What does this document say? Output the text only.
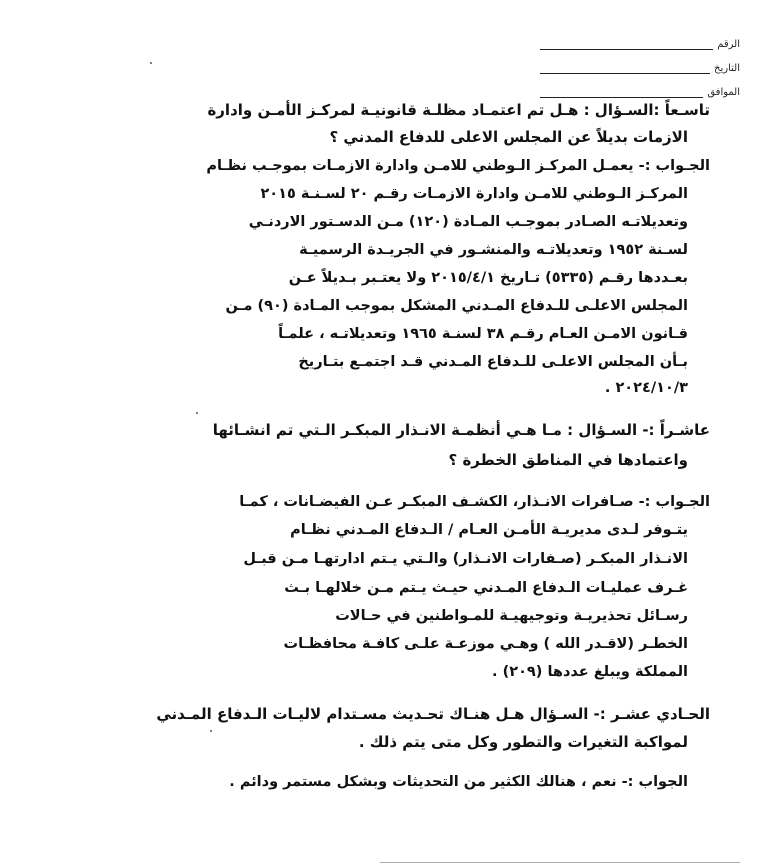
الرقم
التاريخ
الموافق
تاسـعاً :السـؤال : هـل تم اعتمـاد مظلـة قانونيـة لمركـز الأمـن وادارة
الازمات بديلاً عن المجلس الاعلى للدفاع المدني ؟
الجـواب :- يعمـل المركـز الـوطني للامـن وادارة الازمـات بموجـب نظـام
المركـز الـوطني للامـن وادارة الازمـات رقـم ٢٠ لسـنـة ٢٠١٥
وتعديلاتـه الصـادر بموجـب المـادة (١٢٠) مـن الدسـتور الاردنـي
لسـنة ١٩٥٢ وتعديلاتـه والمنشـور في الجريـدة الرسميـة
بعـددها رقـم (٥٣٣٥) تـاريخ ٢٠١٥/٤/١ ولا يعتـبر بـديلاً عـن
المجلس الاعلـى للـدفاع المـدني المشكل بموجب المـادة (٩٠) مـن
قـانون الامـن العـام رقـم ٣٨ لسنـة ١٩٦٥ وتعديلاتـه ، علمـاً
بـأن المجلس الاعلـى للـدفاع المـدني قـد اجتمـع بتـاريخ
٢٠٢٤/١٠/٣ .
عاشـراً :- السـؤال : مـا هـي أنظمـة الانـذار المبكـر الـتي تم انشـائها
واعتمادها في المناطق الخطرة ؟
الجـواب :- صـافرات الانـذار، الكشـف المبكـر عـن الفيضـانات ، كمـا
يتـوفر لـدى مديريـة الأمـن العـام / الـدفاع المـدني نظـام
الانـذار المبكـر (صـفارات الانـذار) والـتي يـتم ادارتهـا مـن قبـل
غـرف عمليـات الـدفاع المـدني حيـث يـتم مـن خلالهـا بـث
رسـائل تحذيريـة وتوجيهيـة للمـواطنين في حـالات
الخطـر (لاقـدر الله ) وهـي موزعـة علـى كافـة محافظـات
المملكة ويبلغ عددها (٢٠٩) .
الحـادي عشـر :- السـؤال هـل هنـاك تحـديث مسـتدام لاليـات الـدفاع المـدني
لمواكبة التغيرات والتطور وكل متى يتم ذلك .
الجواب :- نعم ، هنالك الكثير من التحديثات وبشكل مستمر ودائم .
